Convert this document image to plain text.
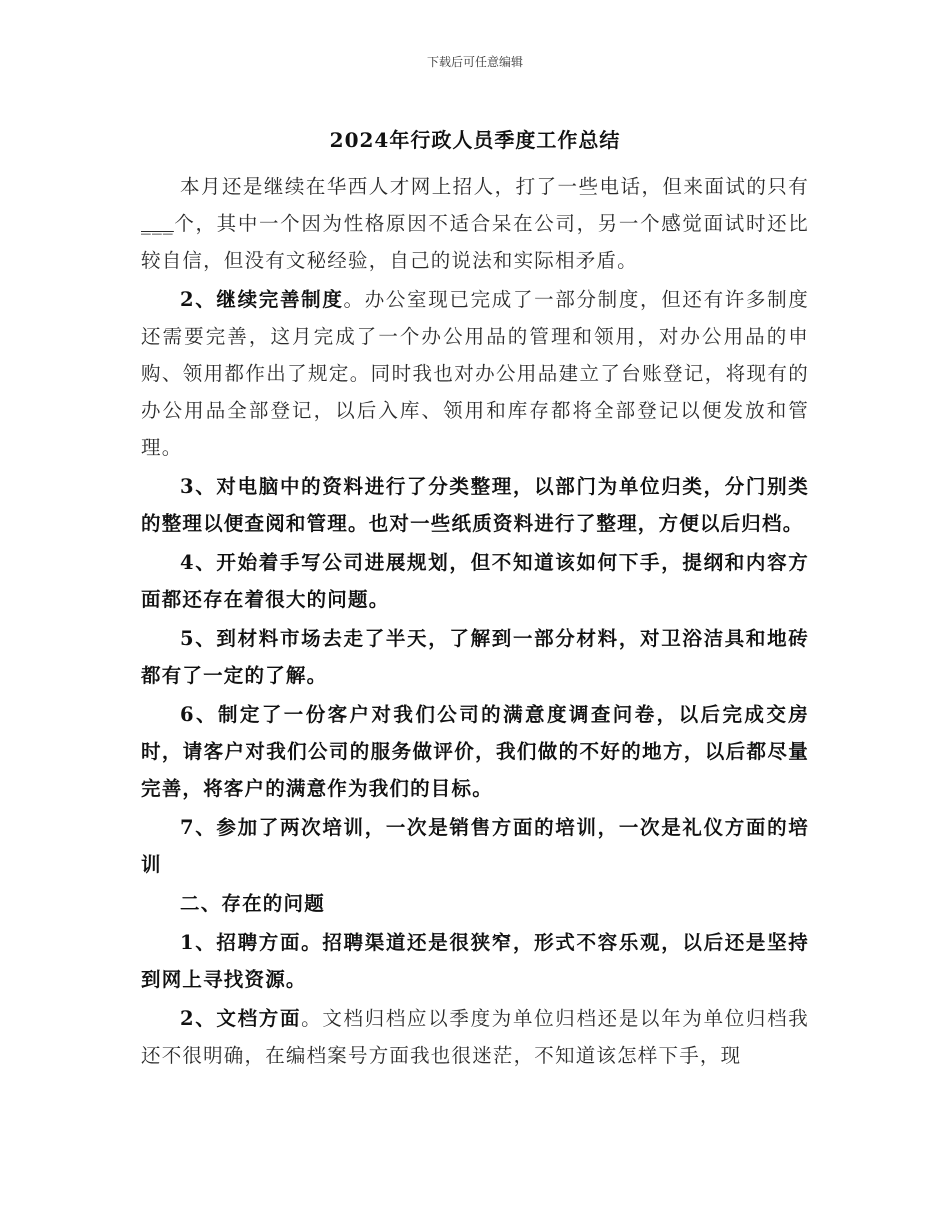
下载后可任意编辑
2024年行政人员季度工作总结

本月还是继续在华西人才网上招人，打了一些电话，但来面试的只有___个，其中一个因为性格原因不适合呆在公司，另一个感觉面试时还比较自信，但没有文秘经验，自己的说法和实际相矛盾。

2、继续完善制度。办公室现已完成了一部分制度，但还有许多制度还需要完善，这月完成了一个办公用品的管理和领用，对办公用品的申购、领用都作出了规定。同时我也对办公用品建立了台账登记，将现有的办公用品全部登记，以后入库、领用和库存都将全部登记以便发放和管理。

3、对电脑中的资料进行了分类整理，以部门为单位归类，分门别类的整理以便查阅和管理。也对一些纸质资料进行了整理，方便以后归档。

4、开始着手写公司进展规划，但不知道该如何下手，提纲和内容方面都还存在着很大的问题。

5、到材料市场去走了半天，了解到一部分材料，对卫浴洁具和地砖都有了一定的了解。

6、制定了一份客户对我们公司的满意度调查问卷，以后完成交房时，请客户对我们公司的服务做评价，我们做的不好的地方，以后都尽量完善，将客户的满意作为我们的目标。

7、参加了两次培训，一次是销售方面的培训，一次是礼仪方面的培训

二、存在的问题

1、招聘方面。招聘渠道还是很狭窄，形式不容乐观，以后还是坚持到网上寻找资源。

2、文档方面。文档归档应以季度为单位归档还是以年为单位归档我还不很明确，在编档案号方面我也很迷茫，不知道该怎样下手，现
